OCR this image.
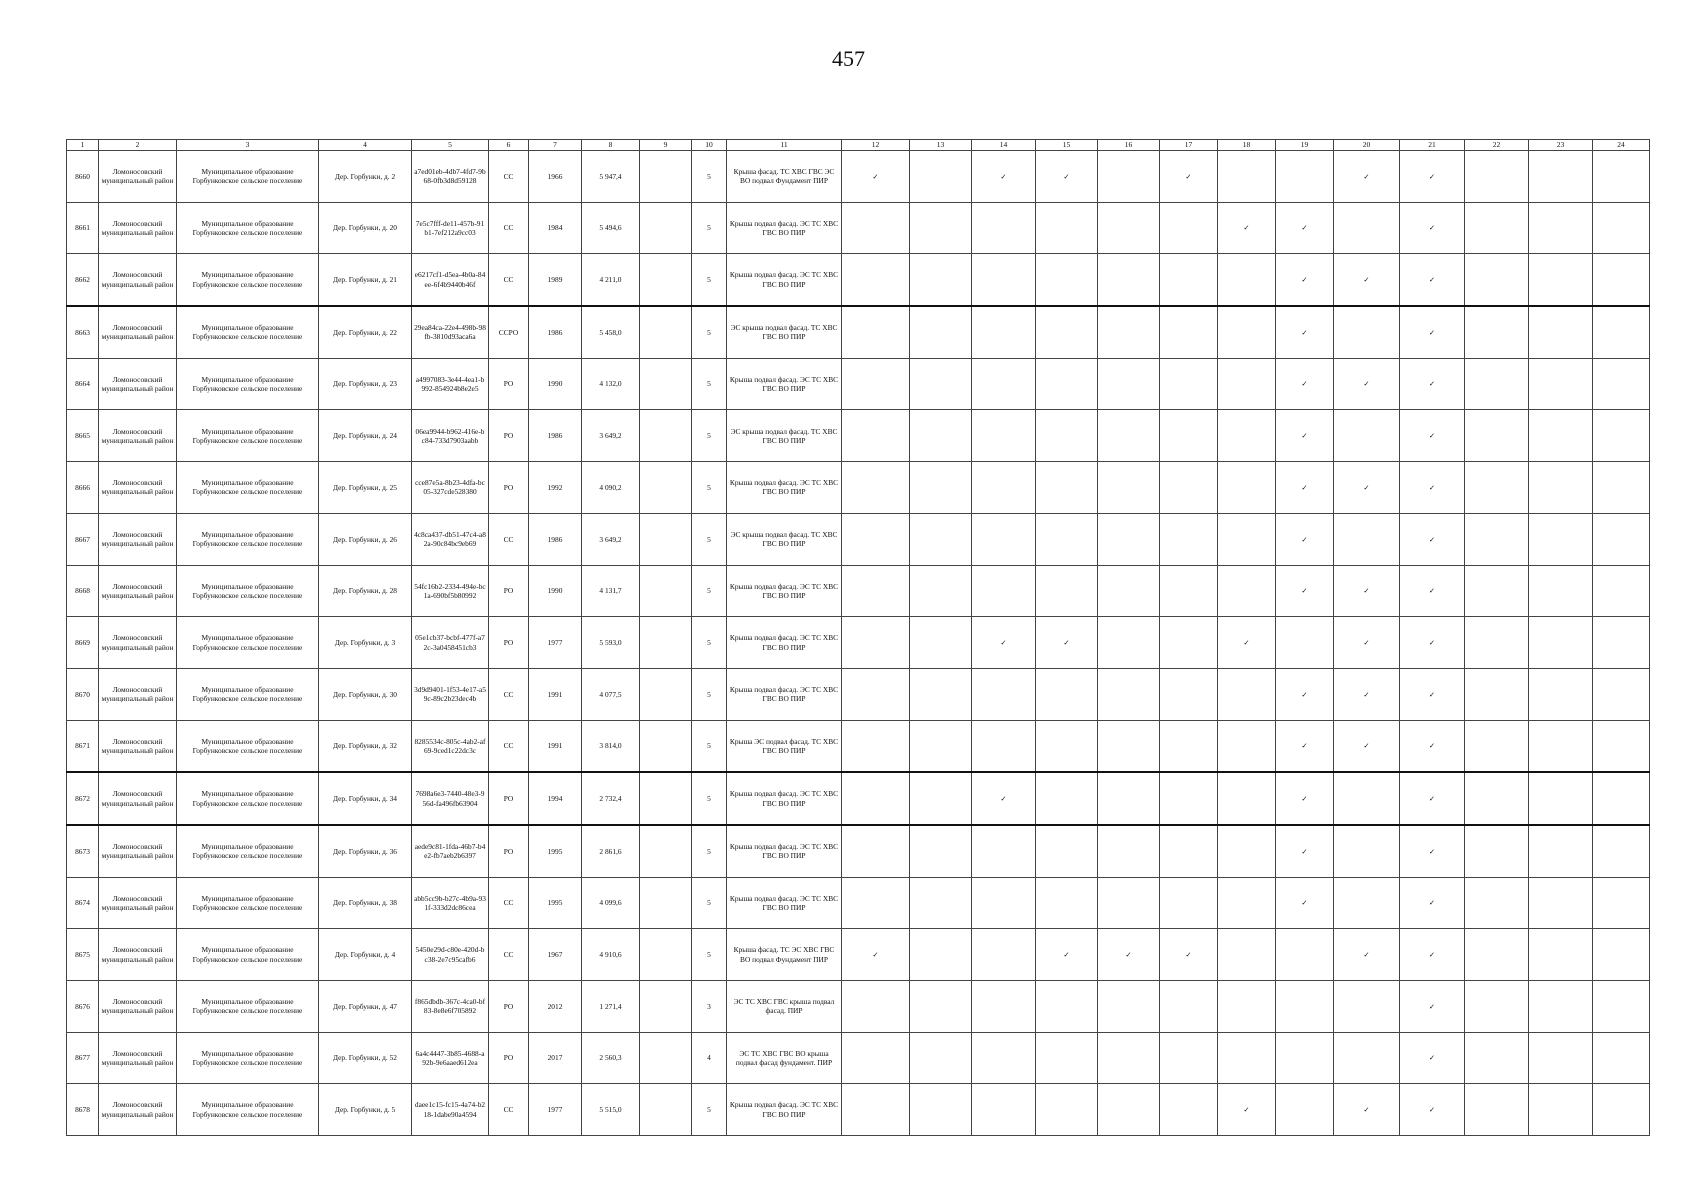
457
1	2	3	4	5	6	7	8	9	10	11	12	13	14	15	16	17	18	19	20	21	22	23	24
8660	Ломоносовский муниципальный район	Муниципальное образование Горбунковское сельское поселение	Дер. Горбунки, д. 2	a7ed01eb-4db7-4fd7-9b68-0fb3d8d59128	СС	1966	5 947,4		5	Крыша фасад. ТС ХВС ГВС ЭС ВО подвал Фундамент ПИР	✓		✓	✓		✓			✓	✓			
8661	Ломоносовский муниципальный район	Муниципальное образование Горбунковское сельское поселение	Дер. Горбунки, д. 20	7e5c7fff-de11-457b-91b1-7ef212a9cc03	СС	1984	5 494,6		5	Крыша подвал фасад. ЭС ТС ХВС ГВС ВО ПИР							✓	✓		✓			
8662	Ломоносовский муниципальный район	Муниципальное образование Горбунковское сельское поселение	Дер. Горбунки, д. 21	e6217cf1-d5ea-4b0a-84ee-6f4b9440b46f	СС	1989	4 211,0		5	Крыша подвал фасад. ЭС ТС ХВС ГВС ВО ПИР								✓	✓	✓			
8663	Ломоносовский муниципальный район	Муниципальное образование Горбунковское сельское поселение	Дер. Горбунки, д. 22	29ea84ca-22e4-498b-98fb-3810d93aca6a	ССРО	1986	5 458,0		5	ЭС крыша подвал фасад. ТС ХВС ГВС ВО ПИР								✓		✓			
8664	Ломоносовский муниципальный район	Муниципальное образование Горбунковское сельское поселение	Дер. Горбунки, д. 23	a4997083-3e44-4ea1-b992-854924b8e2e5	РО	1990	4 132,0		5	Крыша подвал фасад. ЭС ТС ХВС ГВС ВО ПИР								✓	✓	✓			
8665	Ломоносовский муниципальный район	Муниципальное образование Горбунковское сельское поселение	Дер. Горбунки, д. 24	06ea9944-b962-416e-bc84-733d7903aabb	РО	1986	3 649,2		5	ЭС крыша подвал фасад. ТС ХВС ГВС ВО ПИР								✓		✓			
8666	Ломоносовский муниципальный район	Муниципальное образование Горбунковское сельское поселение	Дер. Горбунки, д. 25	cce87e5a-8b23-4dfa-bc05-327cde528380	РО	1992	4 090,2		5	Крыша подвал фасад. ЭС ТС ХВС ГВС ВО ПИР								✓	✓	✓			
8667	Ломоносовский муниципальный район	Муниципальное образование Горбунковское сельское поселение	Дер. Горбунки, д. 26	4c8ca437-db51-47c4-a82a-90c84bc9eb69	СС	1986	3 649,2		5	ЭС крыша подвал фасад. ТС ХВС ГВС ВО ПИР								✓		✓			
8668	Ломоносовский муниципальный район	Муниципальное образование Горбунковское сельское поселение	Дер. Горбунки, д. 28	54fc16b2-2334-494e-bc1a-690bf5b80992	РО	1990	4 131,7		5	Крыша подвал фасад. ЭС ТС ХВС ГВС ВО ПИР								✓	✓	✓			
8669	Ломоносовский муниципальный район	Муниципальное образование Горбунковское сельское поселение	Дер. Горбунки, д. 3	05e1cb37-bcbf-477f-a72c-3a0458451cb3	РО	1977	5 593,0		5	Крыша подвал фасад. ЭС ТС ХВС ГВС ВО ПИР			✓	✓			✓		✓	✓			
8670	Ломоносовский муниципальный район	Муниципальное образование Горбунковское сельское поселение	Дер. Горбунки, д. 30	3d9d9401-1f53-4e17-a59c-89c2b23dec4b	СС	1991	4 077,5		5	Крыша подвал фасад. ЭС ТС ХВС ГВС ВО ПИР								✓	✓	✓			
8671	Ломоносовский муниципальный район	Муниципальное образование Горбунковское сельское поселение	Дер. Горбунки, д. 32	8285534c-805c-4ab2-af69-9ced1c22dc3c	СС	1991	3 814,0		5	Крыша ЭС подвал фасад. ТС ХВС ГВС ВО ПИР								✓	✓	✓			
8672	Ломоносовский муниципальный район	Муниципальное образование Горбунковское сельское поселение	Дер. Горбунки, д. 34	7698a6e3-7440-48e3-956d-fa496fb63904	РО	1994	2 732,4		5	Крыша подвал фасад. ЭС ТС ХВС ГВС ВО ПИР			✓					✓		✓			
8673	Ломоносовский муниципальный район	Муниципальное образование Горбунковское сельское поселение	Дер. Горбунки, д. 36	aede9c81-1fda-46b7-b4e2-fb7aeb2b6397	РО	1995	2 861,6		5	Крыша подвал фасад. ЭС ТС ХВС ГВС ВО ПИР								✓		✓			
8674	Ломоносовский муниципальный район	Муниципальное образование Горбунковское сельское поселение	Дер. Горбунки, д. 38	abb5cc9b-b27c-4b9a-931f-333d2dc86cea	СС	1995	4 099,6		5	Крыша подвал фасад. ЭС ТС ХВС ГВС ВО ПИР								✓		✓			
8675	Ломоносовский муниципальный район	Муниципальное образование Горбунковское сельское поселение	Дер. Горбунки, д. 4	5450e29d-c80e-420d-bc38-2e7c95cafb6	СС	1967	4 910,6		5	Крыша фасад. ТС ЭС ХВС ГВС ВО подвал Фундамент ПИР	✓			✓	✓	✓			✓	✓			
8676	Ломоносовский муниципальный район	Муниципальное образование Горбунковское сельское поселение	Дер. Горбунки, д. 47	f865dbdb-367c-4ca0-bf83-8e8e6f705892	РО	2012	1 271,4		3	ЭС ТС ХВС ГВС крыша подвал фасад. ПИР										✓			
8677	Ломоносовский муниципальный район	Муниципальное образование Горбунковское сельское поселение	Дер. Горбунки, д. 52	6a4c4447-3b85-4688-a92b-9e6aaed612ea	РО	2017	2 560,3		4	ЭС ТС ХВС ГВС ВО крыша подвал фасад фундамент. ПИР										✓			
8678	Ломоносовский муниципальный район	Муниципальное образование Горбунковское сельское поселение	Дер. Горбунки, д. 5	daee1c15-fc15-4a74-b218-1dabe90a4594	СС	1977	5 515,0		5	Крыша подвал фасад. ЭС ТС ХВС ГВС ВО ПИР							✓		✓	✓			
